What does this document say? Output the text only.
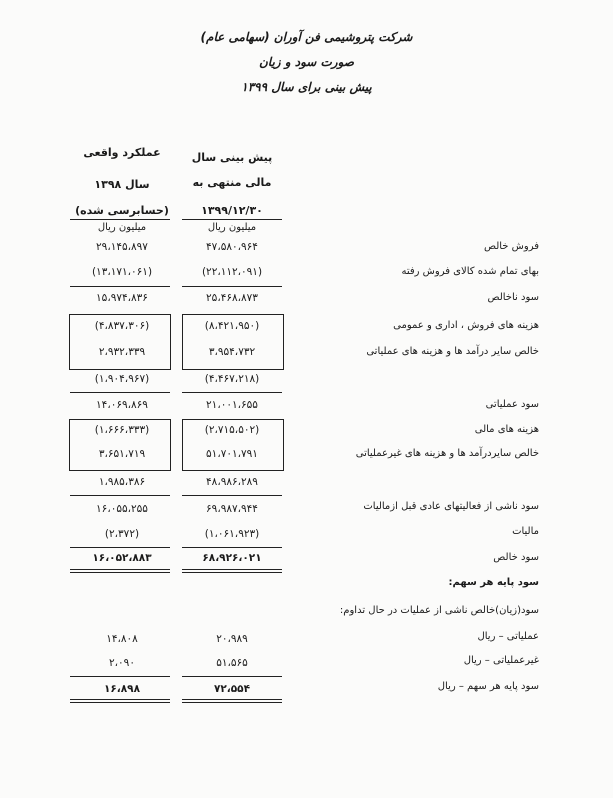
شرکت پتروشیمی فن آوران (سهامی عام)
صورت سود و زیان
پیش بینی برای سال ۱۳۹۹
پیش بینی سال
مالی منتهی به
۱۳۹۹/۱۲/۳۰
میلیون ریال
عملکرد واقعی
سال ۱۳۹۸
(حسابرسی شده)
میلیون ریال
فروش خالص
۴۷،۵۸۰،۹۶۴
۲۹،۱۴۵،۸۹۷
بهای تمام شده کالای فروش رفته
(۲۲،۱۱۲،۰۹۱)
(۱۳،۱۷۱،۰۶۱)
سود ناخالص
۲۵،۴۶۸،۸۷۳
۱۵،۹۷۴،۸۳۶
هزینه های فروش ، اداری و عمومی
(۸،۴۲۱،۹۵۰)
(۴،۸۳۷،۳۰۶)
خالص سایر درآمد ها و هزینه های عملیاتی
۳،۹۵۴،۷۳۲
۲،۹۳۲،۳۳۹
(۴،۴۶۷،۲۱۸)
(۱،۹۰۴،۹۶۷)
سود عملیاتی
۲۱،۰۰۱،۶۵۵
۱۴،۰۶۹،۸۶۹
هزینه های مالی
(۲،۷۱۵،۵۰۲)
(۱،۶۶۶،۳۳۳)
خالص سایردرآمد ها و هزینه های غیرعملیاتی
۵۱،۷۰۱،۷۹۱
۳،۶۵۱،۷۱۹
۴۸،۹۸۶،۲۸۹
۱،۹۸۵،۳۸۶
سود ناشی از فعالیتهای عادی قبل ازمالیات
۶۹،۹۸۷،۹۴۴
۱۶،۰۵۵،۲۵۵
مالیات
(۱،۰۶۱،۹۲۳)
(۲،۳۷۲)
سود خالص
۶۸،۹۲۶،۰۲۱
۱۶،۰۵۲،۸۸۳
سود پایه هر سهم:
سود(زیان)خالص ناشی از عملیات در حال تداوم:
عملیاتی – ریال
۲۰،۹۸۹
۱۴،۸۰۸
غیرعملیاتی – ریال
۵۱،۵۶۵
۲،۰۹۰
سود پایه هر سهم – ریال
۷۲،۵۵۴
۱۶،۸۹۸
